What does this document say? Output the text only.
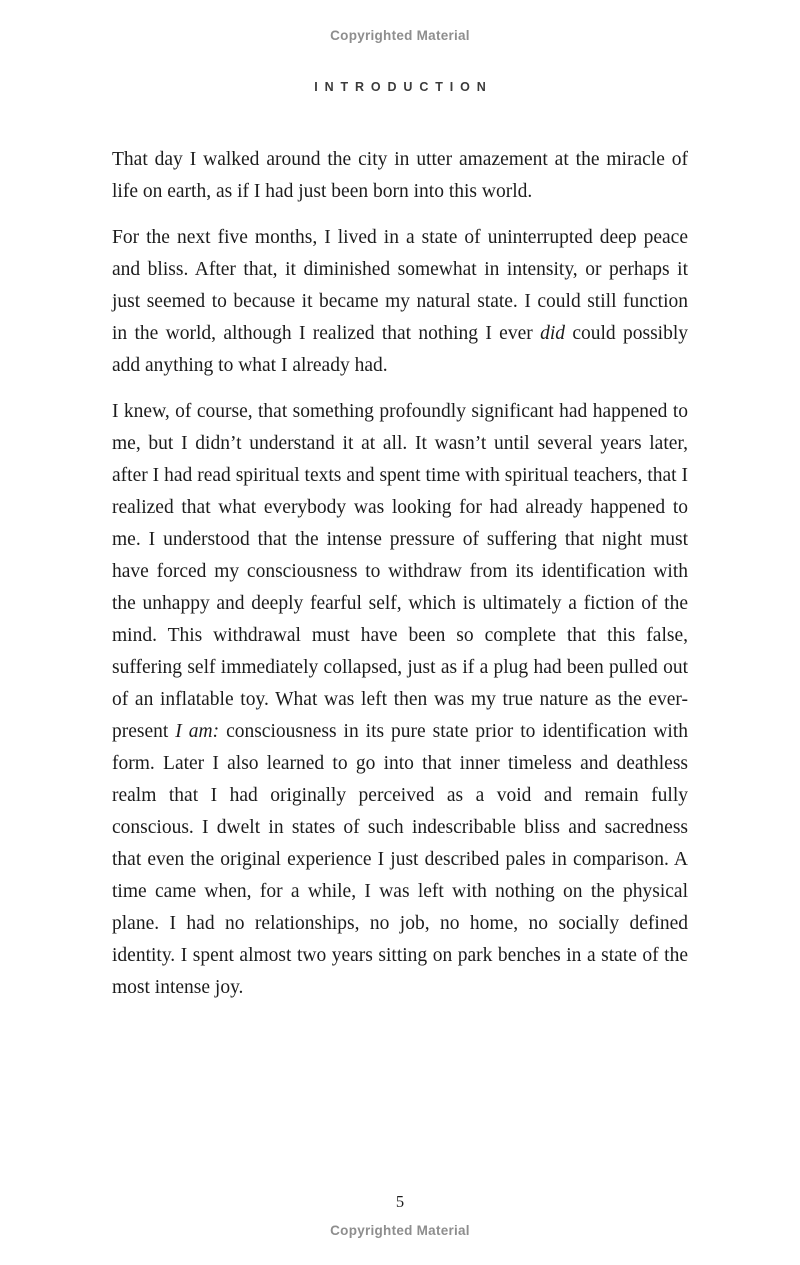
Copyrighted Material
INTRODUCTION

That day I walked around the city in utter amazement at the miracle of life on earth, as if I had just been born into this world.

For the next five months, I lived in a state of uninterrupted deep peace and bliss. After that, it diminished somewhat in intensity, or perhaps it just seemed to because it became my natural state. I could still function in the world, although I realized that nothing I ever did could possibly add anything to what I already had.

I knew, of course, that something profoundly significant had happened to me, but I didn’t understand it at all. It wasn’t until several years later, after I had read spiritual texts and spent time with spiritual teachers, that I realized that what everybody was looking for had already happened to me. I understood that the intense pressure of suffering that night must have forced my consciousness to withdraw from its identification with the unhappy and deeply fearful self, which is ultimately a fiction of the mind. This withdrawal must have been so complete that this false, suffering self immediately collapsed, just as if a plug had been pulled out of an inflatable toy. What was left then was my true nature as the ever-present I am: consciousness in its pure state prior to identification with form. Later I also learned to go into that inner timeless and deathless realm that I had originally perceived as a void and remain fully conscious. I dwelt in states of such indescribable bliss and sacredness that even the original experience I just described pales in comparison. A time came when, for a while, I was left with nothing on the physical plane. I had no relationships, no job, no home, no socially defined identity. I spent almost two years sitting on park benches in a state of the most intense joy.

5
Copyrighted Material
